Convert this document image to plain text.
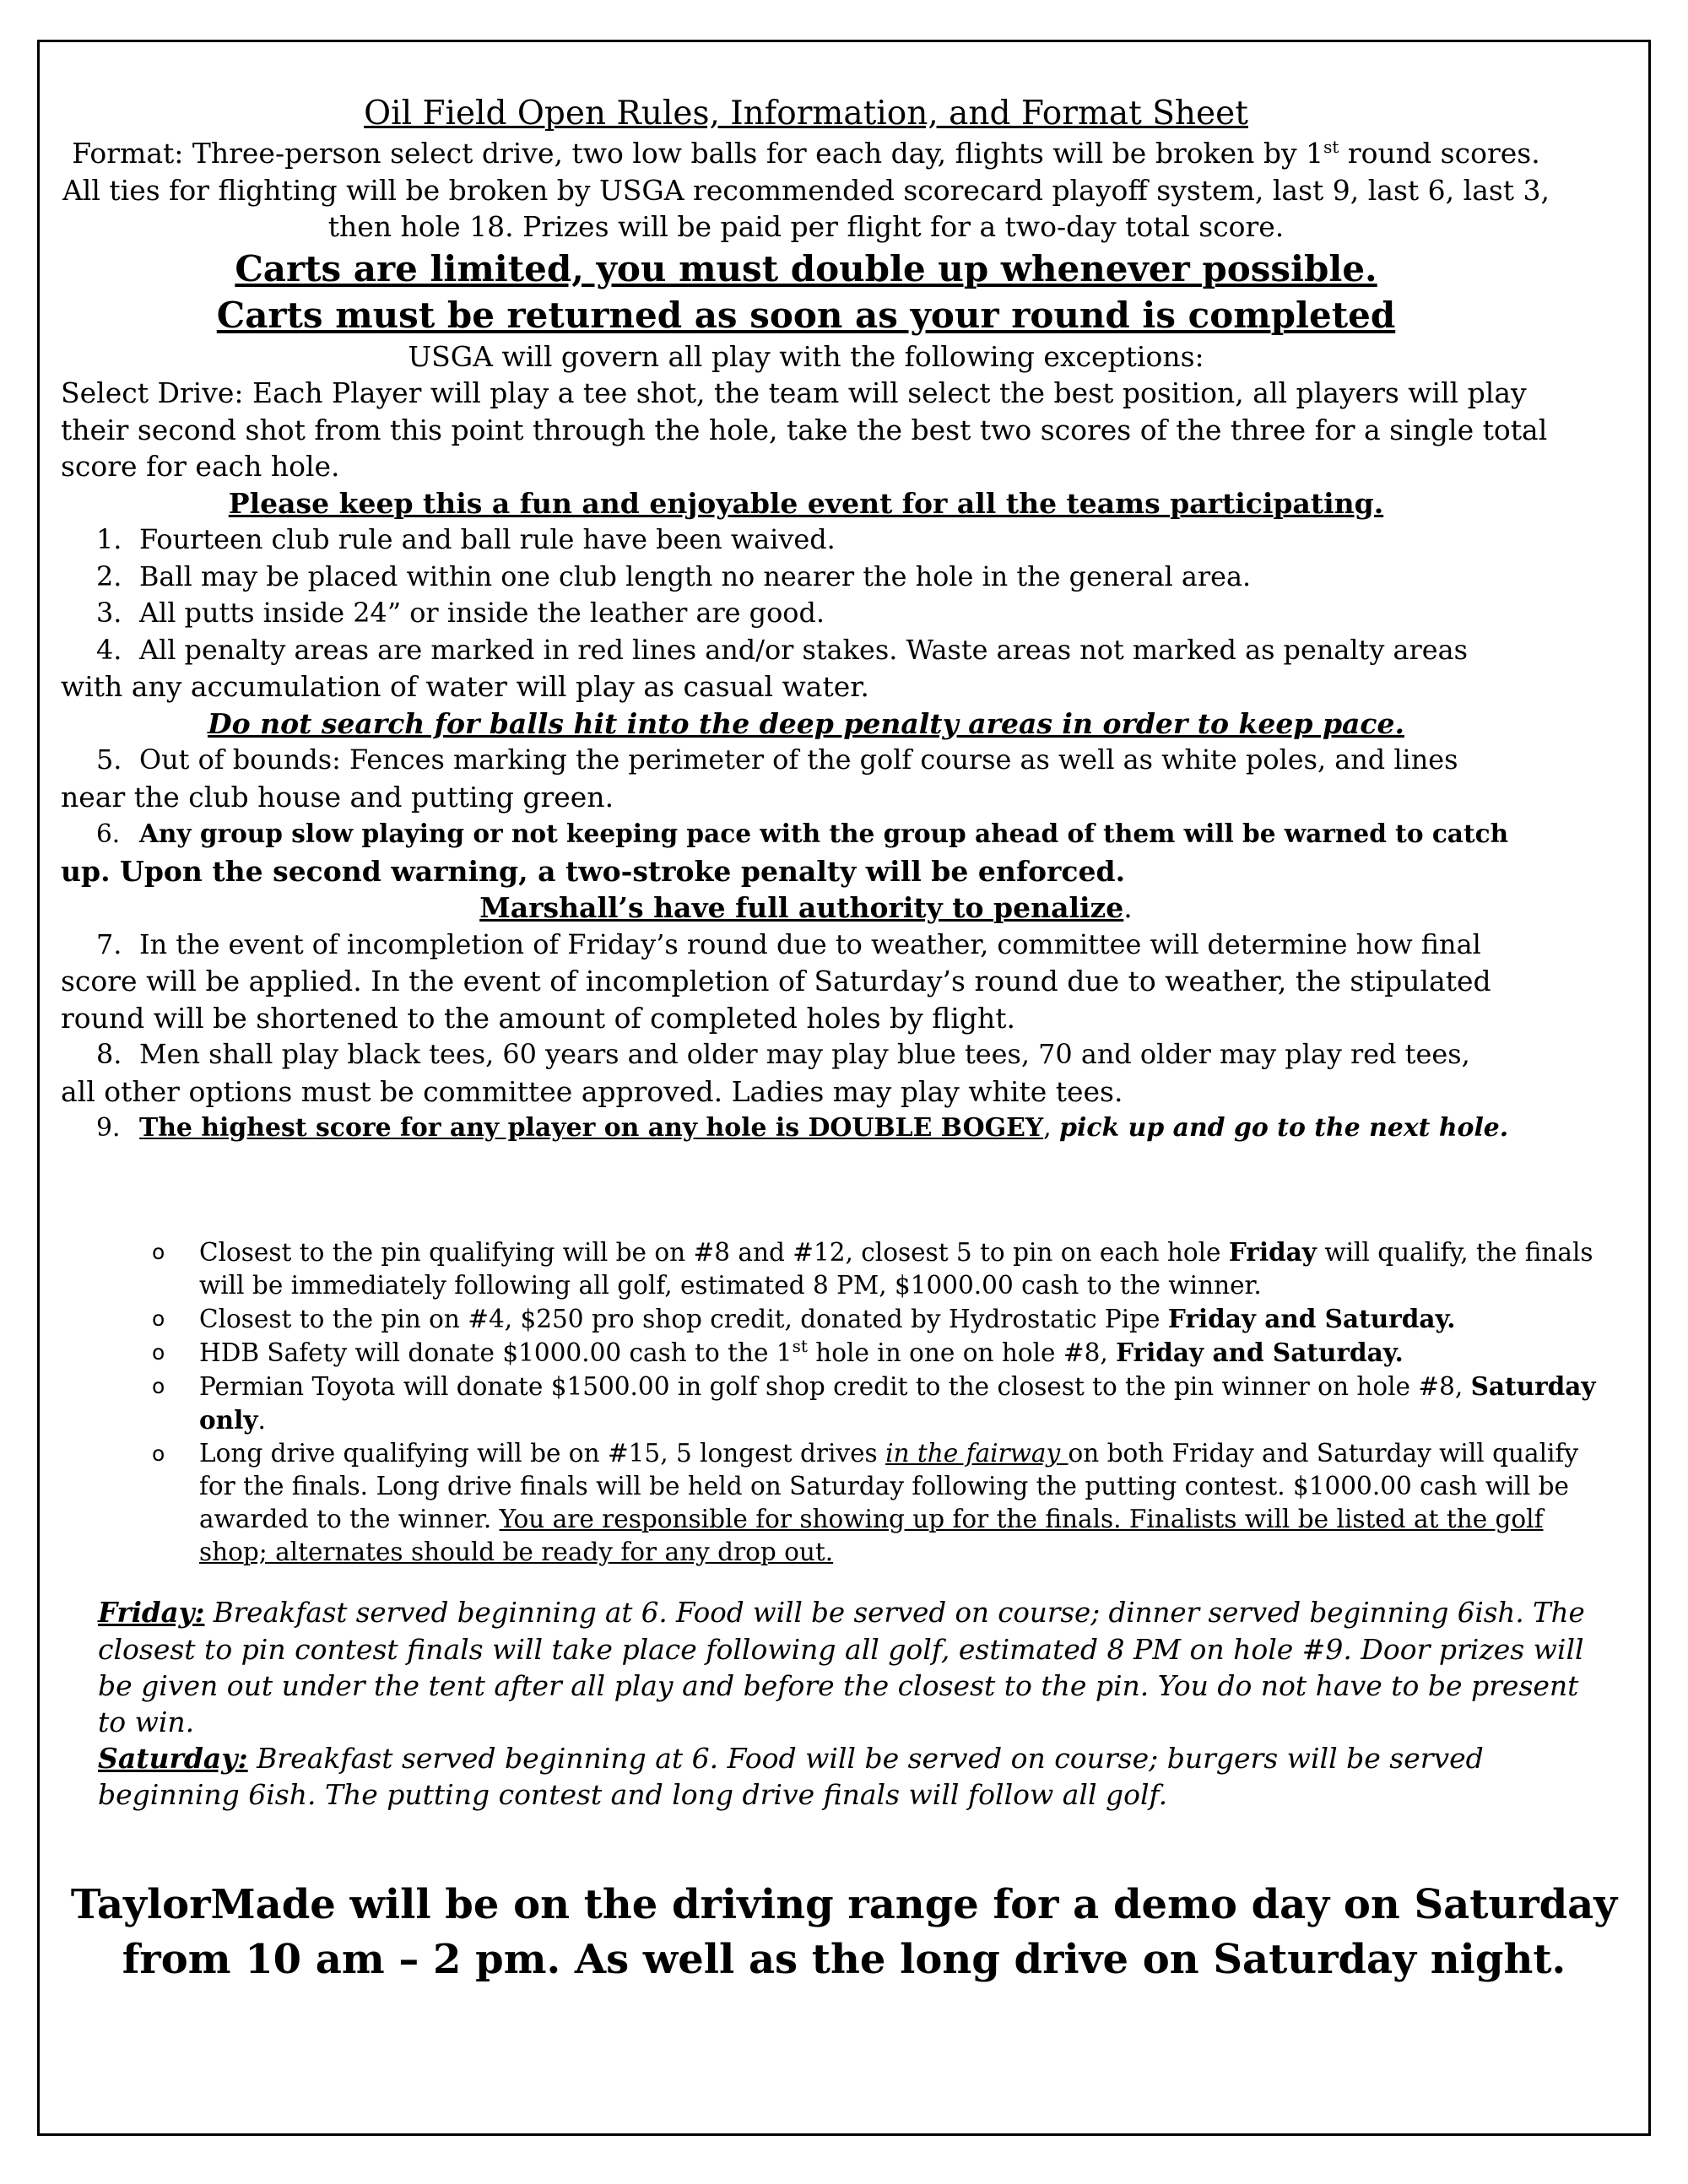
Oil Field Open Rules, Information, and Format Sheet
Format: Three-person select drive, two low balls for each day, flights will be broken by 1st round scores.
All ties for flighting will be broken by USGA recommended scorecard playoff system, last 9, last 6, last 3,
then hole 18. Prizes will be paid per flight for a two-day total score.
Carts are limited, you must double up whenever possible.
Carts must be returned as soon as your round is completed
USGA will govern all play with the following exceptions:
Select Drive: Each Player will play a tee shot, the team will select the best position, all players will play
their second shot from this point through the hole, take the best two scores of the three for a single total
score for each hole.
Please keep this a fun and enjoyable event for all the teams participating.
1. Fourteen club rule and ball rule have been waived.
2. Ball may be placed within one club length no nearer the hole in the general area.
3. All putts inside 24” or inside the leather are good.
4. All penalty areas are marked in red lines and/or stakes. Waste areas not marked as penalty areas
with any accumulation of water will play as casual water.
Do not search for balls hit into the deep penalty areas in order to keep pace.
5. Out of bounds: Fences marking the perimeter of the golf course as well as white poles, and lines
near the club house and putting green.
6. Any group slow playing or not keeping pace with the group ahead of them will be warned to catch
up. Upon the second warning, a two-stroke penalty will be enforced.
Marshall’s have full authority to penalize.
7. In the event of incompletion of Friday’s round due to weather, committee will determine how final
score will be applied. In the event of incompletion of Saturday’s round due to weather, the stipulated
round will be shortened to the amount of completed holes by flight.
8. Men shall play black tees, 60 years and older may play blue tees, 70 and older may play red tees,
all other options must be committee approved. Ladies may play white tees.
9. The highest score for any player on any hole is DOUBLE BOGEY, pick up and go to the next hole.
o Closest to the pin qualifying will be on #8 and #12, closest 5 to pin on each hole Friday will qualify, the finals
will be immediately following all golf, estimated 8 PM, $1000.00 cash to the winner.
o Closest to the pin on #4, $250 pro shop credit, donated by Hydrostatic Pipe Friday and Saturday.
o HDB Safety will donate $1000.00 cash to the 1st hole in one on hole #8, Friday and Saturday.
o Permian Toyota will donate $1500.00 in golf shop credit to the closest to the pin winner on hole #8, Saturday
only.
o Long drive qualifying will be on #15, 5 longest drives in the fairway on both Friday and Saturday will qualify
for the finals. Long drive finals will be held on Saturday following the putting contest. $1000.00 cash will be
awarded to the winner. You are responsible for showing up for the finals. Finalists will be listed at the golf
shop; alternates should be ready for any drop out.
Friday: Breakfast served beginning at 6. Food will be served on course; dinner served beginning 6ish. The
closest to pin contest finals will take place following all golf, estimated 8 PM on hole #9. Door prizes will
be given out under the tent after all play and before the closest to the pin. You do not have to be present
to win.
Saturday: Breakfast served beginning at 6. Food will be served on course; burgers will be served
beginning 6ish. The putting contest and long drive finals will follow all golf.
TaylorMade will be on the driving range for a demo day on Saturday
from 10 am – 2 pm. As well as the long drive on Saturday night.
